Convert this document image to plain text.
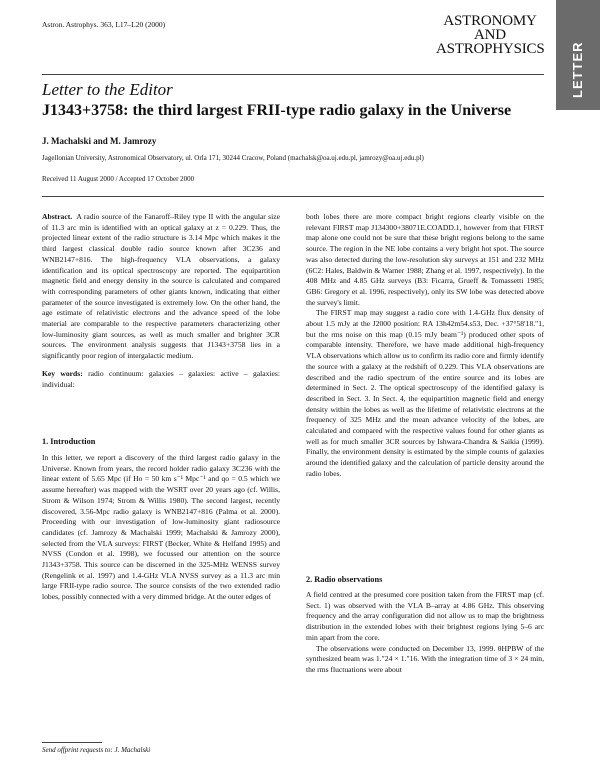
Astron. Astrophys. 363, L17–L20 (2000)	ASTRONOMY
AND
ASTROPHYSICS LETTER
Letter to the Editor
J1343+3758: the third largest FRII-type radio galaxy in the Universe
J. Machalski and M. Jamrozy
Jagellonian University, Astronomical Observatory, ul. Orla 171, 30244 Cracow, Poland (machalsk@oa.uj.edu.pl, jamrozy@oa.uj.edu.pl)
Received 11 August 2000 / Accepted 17 October 2000

Abstract. A radio source of the Fanaroff–Riley type II with the angular size of 11.3 arc min is identified with an optical galaxy at z = 0.229. Thus, the projected linear extent of the radio structure is 3.14 Mpc which makes it the third largest classical double radio source known after 3C236 and WNB2147+816. The high-frequency VLA observations, a galaxy identification and its optical spectroscopy are reported. The equipartition magnetic field and energy density in the source is calculated and compared with corresponding parameters of other giants known, indicating that either parameter of the source investigated is extremely low. On the other hand, the age estimate of relativistic electrons and the advance speed of the lobe material are comparable to the respective parameters characterizing other low-luminosity giant sources, as well as much smaller and brighter 3CR sources. The environment analysis suggests that J1343+3758 lies in a significantly poor region of intergalactic medium.

Key words: radio continuum: galaxies – galaxies: active – galaxies: individual:

1. Introduction

In this letter, we report a discovery of the third largest radio galaxy in the Universe. Known from years, the record holder radio galaxy 3C236 with the linear extent of 5.65 Mpc (if Ho = 50 km s⁻¹ Mpc⁻¹ and qo = 0.5 which we assume hereafter) was mapped with the WSRT over 20 years ago (cf. Willis, Strom & Wilson 1974; Strom & Willis 1980). The second largest, recently discovered, 3.56-Mpc radio galaxy is WNB2147+816 (Palma et al. 2000). Proceeding with our investigation of low-luminosity giant radiosource candidates (cf. Jamrozy & Machalski 1999; Machalski & Jamrozy 2000), selected from the VLA surveys: FIRST (Becker, White & Helfand 1995) and NVSS (Condon et al. 1998), we focussed our attention on the source J1343+3758. This source can be discerned in the 325-MHz WENSS survey (Rengelink et al. 1997) and 1.4-GHz VLA NVSS survey as a 11.3 arc min large FRII-type radio source. The source consists of the two extended radio lobes, possibly connected with a very dimmed bridge. At the outer edges of

both lobes there are more compact bright regions clearly visible on the relevant FIRST map J134300+38071E.COADD.1, however from that FIRST map alone one could not be sure that these bright regions belong to the same source. The region in the NE lobe contains a very bright hot spot. The source was also detected during the low-resolution sky surveys at 151 and 232 MHz (6C2: Hales, Baldwin & Warner 1988; Zhang et al. 1997, respectively). In the 408 MHz and 4.85 GHz surveys (B3: Ficarra, Grueff & Tomassetti 1985; GB6: Gregory et al. 1996, respectively), only its SW lobe was detected above the survey's limit.

The FIRST map may suggest a radio core with 1.4-GHz flux density of about 1.5 mJy at the J2000 position: RA 13h42m54.s53, Dec. +37°58′18.″1, but the rms noise on this map (0.15 mJy beam⁻¹) produced other spots of comparable intensity. Therefore, we have made additional high-frequency VLA observations which allow us to confirm its radio core and firmly identify the source with a galaxy at the redshift of 0.229. This VLA observations are described and the radio spectrum of the entire source and its lobes are determined in Sect. 2. The optical spectroscopy of the identified galaxy is described in Sect. 3. In Sect. 4, the equipartition magnetic field and energy density within the lobes as well as the lifetime of relativistic electrons at the frequency of 325 MHz and the mean advance velocity of the lobes, are calculated and compared with the respective values found for other giants as well as for much smaller 3CR sources by Ishwara-Chandra & Saikia (1999). Finally, the environment density is estimated by the simple counts of galaxies around the identified galaxy and the calculation of particle density around the radio lobes.

2. Radio observations

A field centred at the presumed core position taken from the FIRST map (cf. Sect. 1) was observed with the VLA B–array at 4.86 GHz. This observing frequency and the array configuration did not allow us to map the brightness distribution in the extended lobes with their brightest regions lying 5–6 arc min apart from the core.

The observations were conducted on December 13, 1999. θHPBW of the synthesized beam was 1.″24 × 1.″16. With the integration time of 3 × 24 min, the rms fluctuations were about

Send offprint requests to: J. Machalski
